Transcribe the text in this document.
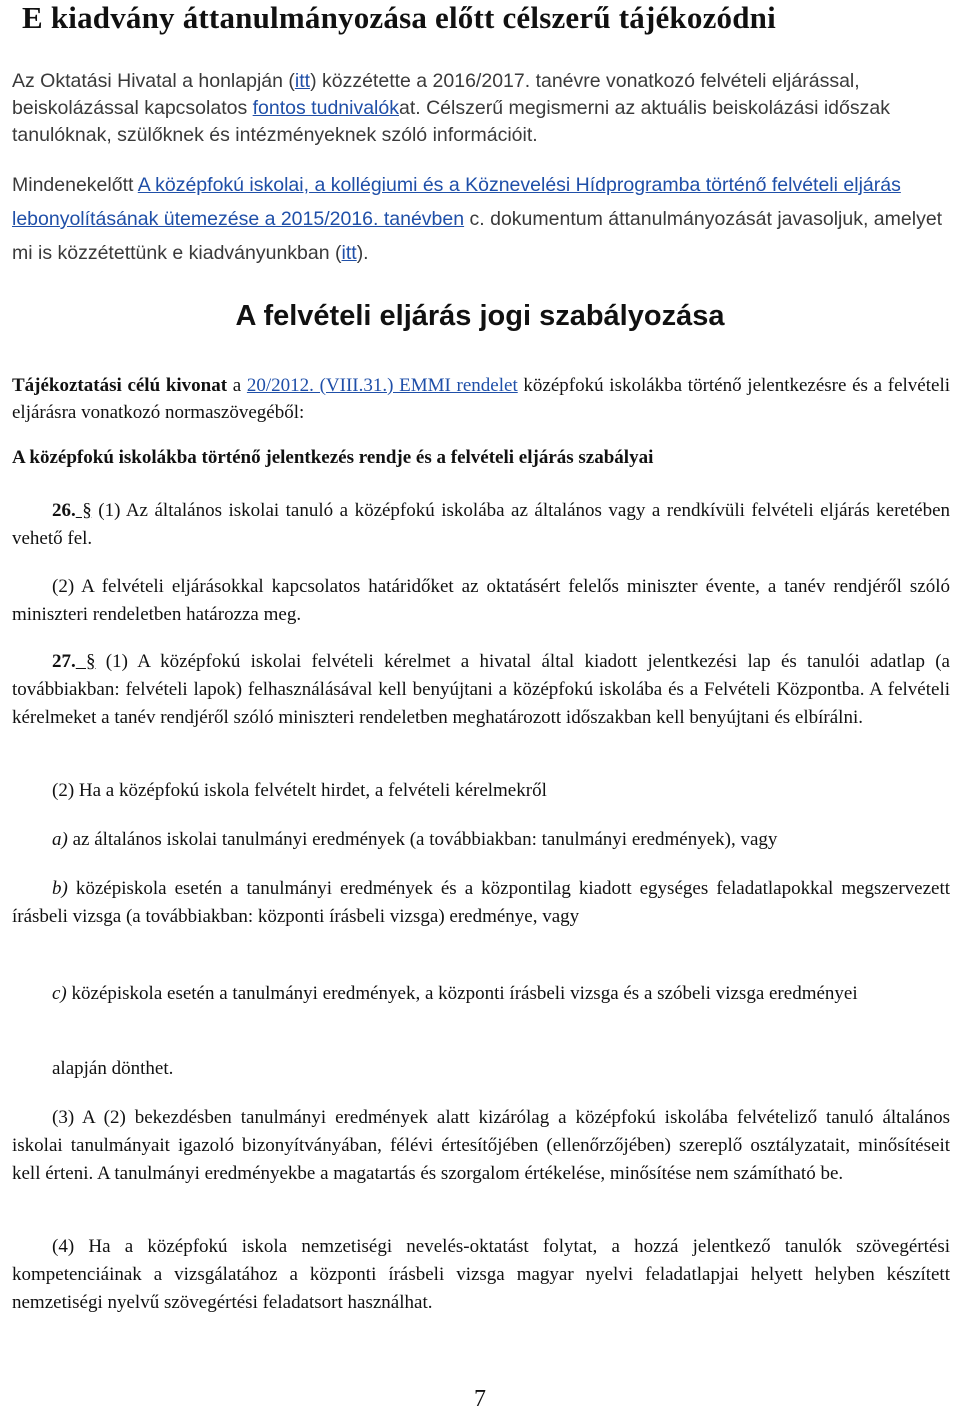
E kiadvány áttanulmányozása előtt célszerű tájékozódni
Az Oktatási Hivatal a honlapján (itt) közzétette a 2016/2017. tanévre vonatkozó felvételi eljárással, beiskolázással kapcsolatos fontos tudnivalókat. Célszerű megismerni az aktuális beiskolázási időszak tanulóknak, szülőknek és intézményeknek szóló információit.
Mindenekelőtt A középfokú iskolai, a kollégiumi és a Köznevelési Hídprogramba történő felvételi eljárás lebonyolításának ütemezése a 2015/2016. tanévben c. dokumentum áttanulmányozását javasoljuk, amelyet mi is közzétettünk e kiadványunkban (itt).
A felvételi eljárás jogi szabályozása
Tájékoztatási célú kivonat a 20/2012. (VIII.31.) EMMI rendelet középfokú iskolákba történő jelentkezésre és a felvételi eljárásra vonatkozó normaszövegéből:
A középfokú iskolákba történő jelentkezés rendje és a felvételi eljárás szabályai
26. § (1) Az általános iskolai tanuló a középfokú iskolába az általános vagy a rendkívüli felvételi eljárás keretében vehető fel.
(2) A felvételi eljárásokkal kapcsolatos határidőket az oktatásért felelős miniszter évente, a tanév rendjéről szóló miniszteri rendeletben határozza meg.
27. § (1) A középfokú iskolai felvételi kérelmet a hivatal által kiadott jelentkezési lap és tanulói adatlap (a továbbiakban: felvételi lapok) felhasználásával kell benyújtani a középfokú iskolába és a Felvételi Központba. A felvételi kérelmeket a tanév rendjéről szóló miniszteri rendeletben meghatározott időszakban kell benyújtani és elbírálni.
(2) Ha a középfokú iskola felvételt hirdet, a felvételi kérelmekről
a) az általános iskolai tanulmányi eredmények (a továbbiakban: tanulmányi eredmények), vagy
b) középiskola esetén a tanulmányi eredmények és a központilag kiadott egységes feladatlapokkal megszervezett írásbeli vizsga (a továbbiakban: központi írásbeli vizsga) eredménye, vagy
c) középiskola esetén a tanulmányi eredmények, a központi írásbeli vizsga és a szóbeli vizsga eredményei
alapján dönthet.
(3) A (2) bekezdésben tanulmányi eredmények alatt kizárólag a középfokú iskolába felvételiző tanuló általános iskolai tanulmányait igazoló bizonyítványában, félévi értesítőjében (ellenőrzőjében) szereplő osztályzatait, minősítéseit kell érteni. A tanulmányi eredményekbe a magatartás és szorgalom értékelése, minősítése nem számítható be.
(4) Ha a középfokú iskola nemzetiségi nevelés-oktatást folytat, a hozzá jelentkező tanulók szövegértési kompetenciáinak a vizsgálatához a központi írásbeli vizsga magyar nyelvi feladatlapjai helyett helyben készített nemzetiségi nyelvű szövegértési feladatsort használhat.
7
